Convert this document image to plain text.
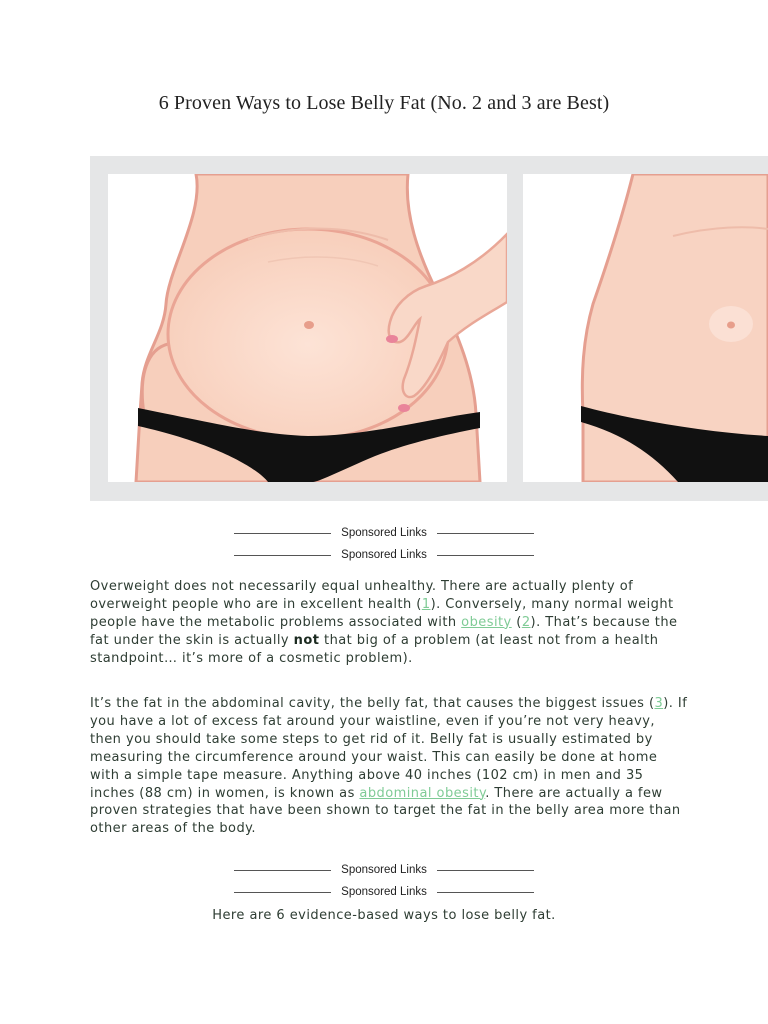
6 Proven Ways to Lose Belly Fat (No. 2 and 3 are Best)
Sponsored Links
Sponsored Links

Overweight does not necessarily equal unhealthy. There are actually plenty of overweight people who are in excellent health (1). Conversely, many normal weight people have the metabolic problems associated with obesity (2). That’s because the fat under the skin is actually not that big of a problem (at least not from a health standpoint… it’s more of a cosmetic problem).

It’s the fat in the abdominal cavity, the belly fat, that causes the biggest issues (3). If you have a lot of excess fat around your waistline, even if you’re not very heavy, then you should take some steps to get rid of it. Belly fat is usually estimated by measuring the circumference around your waist. This can easily be done at home with a simple tape measure. Anything above 40 inches (102 cm) in men and 35 inches (88 cm) in women, is known as abdominal obesity. There are actually a few proven strategies that have been shown to target the fat in the belly area more than other areas of the body.

Sponsored Links
Sponsored Links
Here are 6 evidence-based ways to lose belly fat.
